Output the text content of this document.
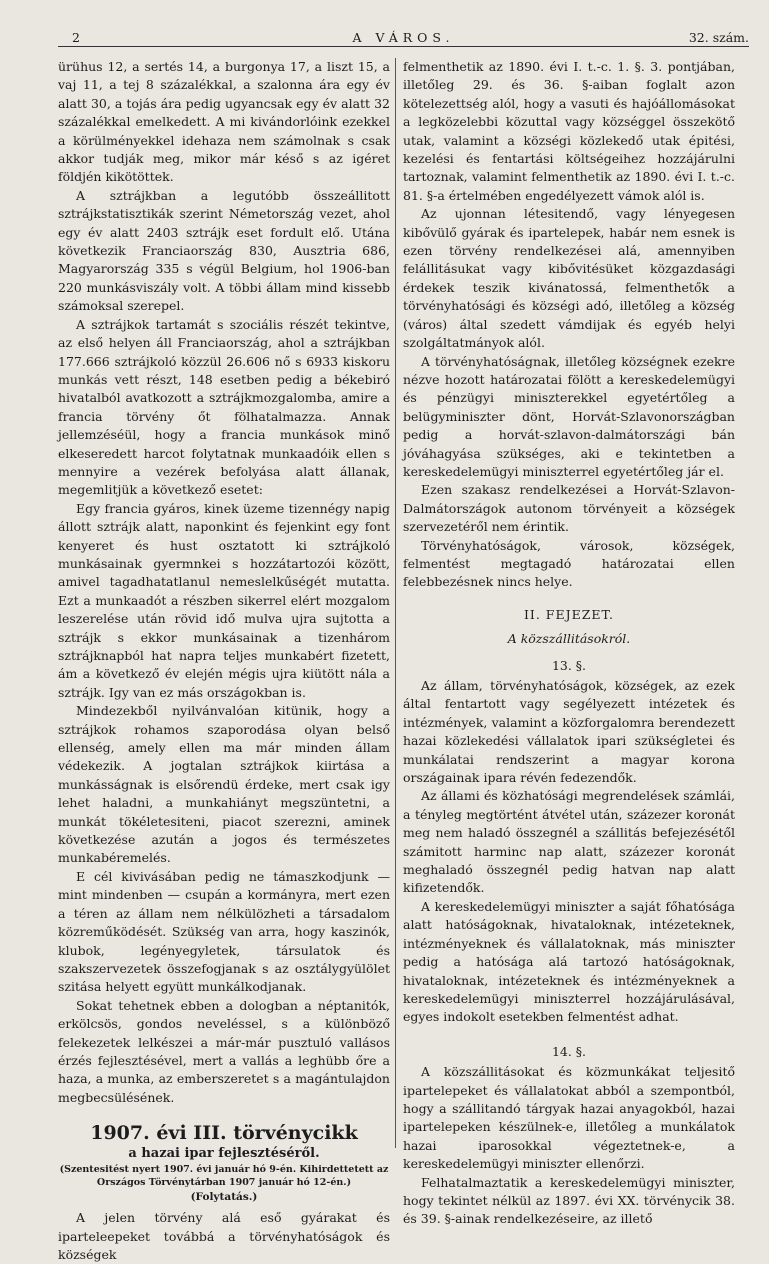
2	A VÁROS.	32. szám.

ürühus 12, a sertés 14, a burgonya 17, a liszt 15, a vaj 11, a tej 8 százalékkal, a szalonna ára egy év alatt 30, a tojás ára pedig ugyancsak egy év alatt 32 százalékkal emelkedett. A mi kivándorlóink ezekkel a körülményekkel idehaza nem számolnak s csak akkor tudják meg, mikor már késő s az igéret földjén kikötöttek.

A sztrájkban a legutóbb összeállitott sztrájkstatisztikák szerint Németország vezet, ahol egy év alatt 2403 sztrájk eset fordult elő. Utána következik Franciaország 830, Ausztria 686, Magyarország 335 s végül Belgium, hol 1906-ban 220 munkásviszály volt. A többi állam mind kissebb számoksal szerepel.

A sztrájkok tartamát s szociális részét tekintve, az első helyen áll Franciaország, ahol a sztrájkban 177.666 sztrájkoló közzül 26.606 nő s 6933 kiskoru munkás vett részt, 148 esetben pedig a békebiró hivatalból avatkozott a sztrájkmozgalomba, amire a francia törvény őt fölhatalmazza. Annak jellemzéséül, hogy a francia munkások minő elkeseredett harcot folytatnak munkaadóik ellen s mennyire a vezérek befolyása alatt állanak, megemlitjük a következő esetet:

Egy francia gyáros, kinek üzeme tizennégy napig állott sztrájk alatt, naponkint és fejenkint egy font kenyeret és hust osztatott ki sztrájkoló munkásainak gyermnkei s hozzátartozói között, amivel tagadhatatlanul nemeslelkűségét mutatta. Ezt a munkaadót a részben sikerrel elért mozgalom leszerelése után rövid idő mulva ujra sujtotta a sztrájk s ekkor munkásainak a tizenhárom sztrájknapból hat napra teljes munkabért fizetett, ám a következő év elején mégis ujra kiütött nála a sztrájk. Igy van ez más országokban is.

Mindezekből nyilvánvalóan kitünik, hogy a sztrájkok rohamos szaporodása olyan belső ellenség, amely ellen ma már minden állam védekezik. A jogtalan sztrájkok kiirtása a munkásságnak is elsőrendü érdeke, mert csak igy lehet haladni, a munkahiányt megszüntetni, a munkát tökéletesiteni, piacot szerezni, aminek következése azután a jogos és természetes munkabéremelés.

E cél kivivásában pedig ne támaszkodjunk — mint mindenben — csupán a kormányra, mert ezen a téren az állam nem nélkülözheti a társadalom közreműködését. Szükség van arra, hogy kaszinók, klubok, legényegyletek, társulatok és szakszervezetek összefogjanak s az osztálygyülölet szitása helyett együtt munkálkodjanak.

Sokat tehetnek ebben a dologban a néptanitók, erkölcsös, gondos neveléssel, s a különböző felekezetek lelkészei a már-már pusztuló vallásos érzés fejlesztésével, mert a vallás a leghübb őre a haza, a munka, az emberszeretet s a magántulajdon megbecsülésének.

1907. évi III. törvénycikk
a hazai ipar fejlesztéséről.
(Szentesitést nyert 1907. évi január hó 9-én. Kihirdettetett az Országos Törvénytárban 1907 január hó 12-én.)
(Folytatás.)

A jelen törvény alá eső gyárakat és iparteleepeket továbbá a törvényhatóságok és községek

felmenthetik az 1890. évi I. t.-c. 1. §. 3. pontjában, illetőleg 29. és 36. §-aiban foglalt azon kötelezettség alól, hogy a vasuti és hajóállomásokat a legközelebbi közuttal vagy községgel összekötő utak, valamint a községi közlekedő utak épitési, kezelési és fentartási költségeihez hozzájárulni tartoznak, valamint felmenthetik az 1890. évi I. t.-c. 81. §-a értelmében engedélyezett vámok alól is.

Az ujonnan létesitendő, vagy lényegesen kibővülő gyárak és ipartelepek, habár nem esnek is ezen törvény rendelkezései alá, amennyiben felállitásukat vagy kibővitésüket közgazdasági érdekek teszik kivánatossá, felmenthetők a törvényhatósági és községi adó, illetőleg a község (város) által szedett vámdijak és egyéb helyi szolgáltatmányok alól.

A törvényhatóságnak, illetőleg községnek ezekre nézve hozott határozatai fölött a kereskedelemügyi és pénzügyi miniszterekkel egyetértőleg a belügyminiszter dönt, Horvát-Szlavonországban pedig a horvát-szlavon-dalmátországi bán jóváhagyása szükséges, aki e tekintetben a kereskedelemügyi miniszterrel egyetértőleg jár el.

Ezen szakasz rendelkezései a Horvát-Szlavon-Dalmátországok autonom törvényeit a községek szervezetéről nem érintik.

Törvényhatóságok, városok, községek, felmentést megtagadó határozatai ellen felebbezésnek nincs helye.

II. FEJEZET.
A közszállitásokról.
13. §.

Az állam, törvényhatóságok, községek, az ezek által fentartott vagy segélyezett intézetek és intézmények, valamint a közforgalomra berendezett hazai közlekedési vállalatok ipari szükségletei és munkálatai rendszerint a magyar korona országainak ipara révén fedezendők.

Az állami és közhatósági megrendelések számlái, a tényleg megtörtént átvétel után, százezer koronát meg nem haladó összegnél a szállitás befejezésétől számitott harminc nap alatt, százezer koronát meghaladó összegnél pedig hatvan nap alatt kifizetendők.

A kereskedelemügyi miniszter a saját főhatósága alatt hatóságoknak, hivataloknak, intézeteknek, intézményeknek és vállalatoknak, más miniszter pedig a hatósága alá tartozó hatóságoknak, hivataloknak, intézeteknek és intézményeknek a kereskedelemügyi miniszterrel hozzájárulásával, egyes indokolt esetekben felmentést adhat.

14. §.

A közszállitásokat és közmunkákat teljesitő ipartelepeket és vállalatokat abból a szempontból, hogy a szállitandó tárgyak hazai anyagokból, hazai ipartelepeken készülnek-e, illetőleg a munkálatok hazai iparosokkal végeztetnek-e, a kereskedelemügyi miniszter ellenőrzi.

Felhatalmaztatik a kereskedelemügyi miniszter, hogy tekintet nélkül az 1897. évi XX. törvénycik 38. és 39. §-ainak rendelkezéseire, az illető
